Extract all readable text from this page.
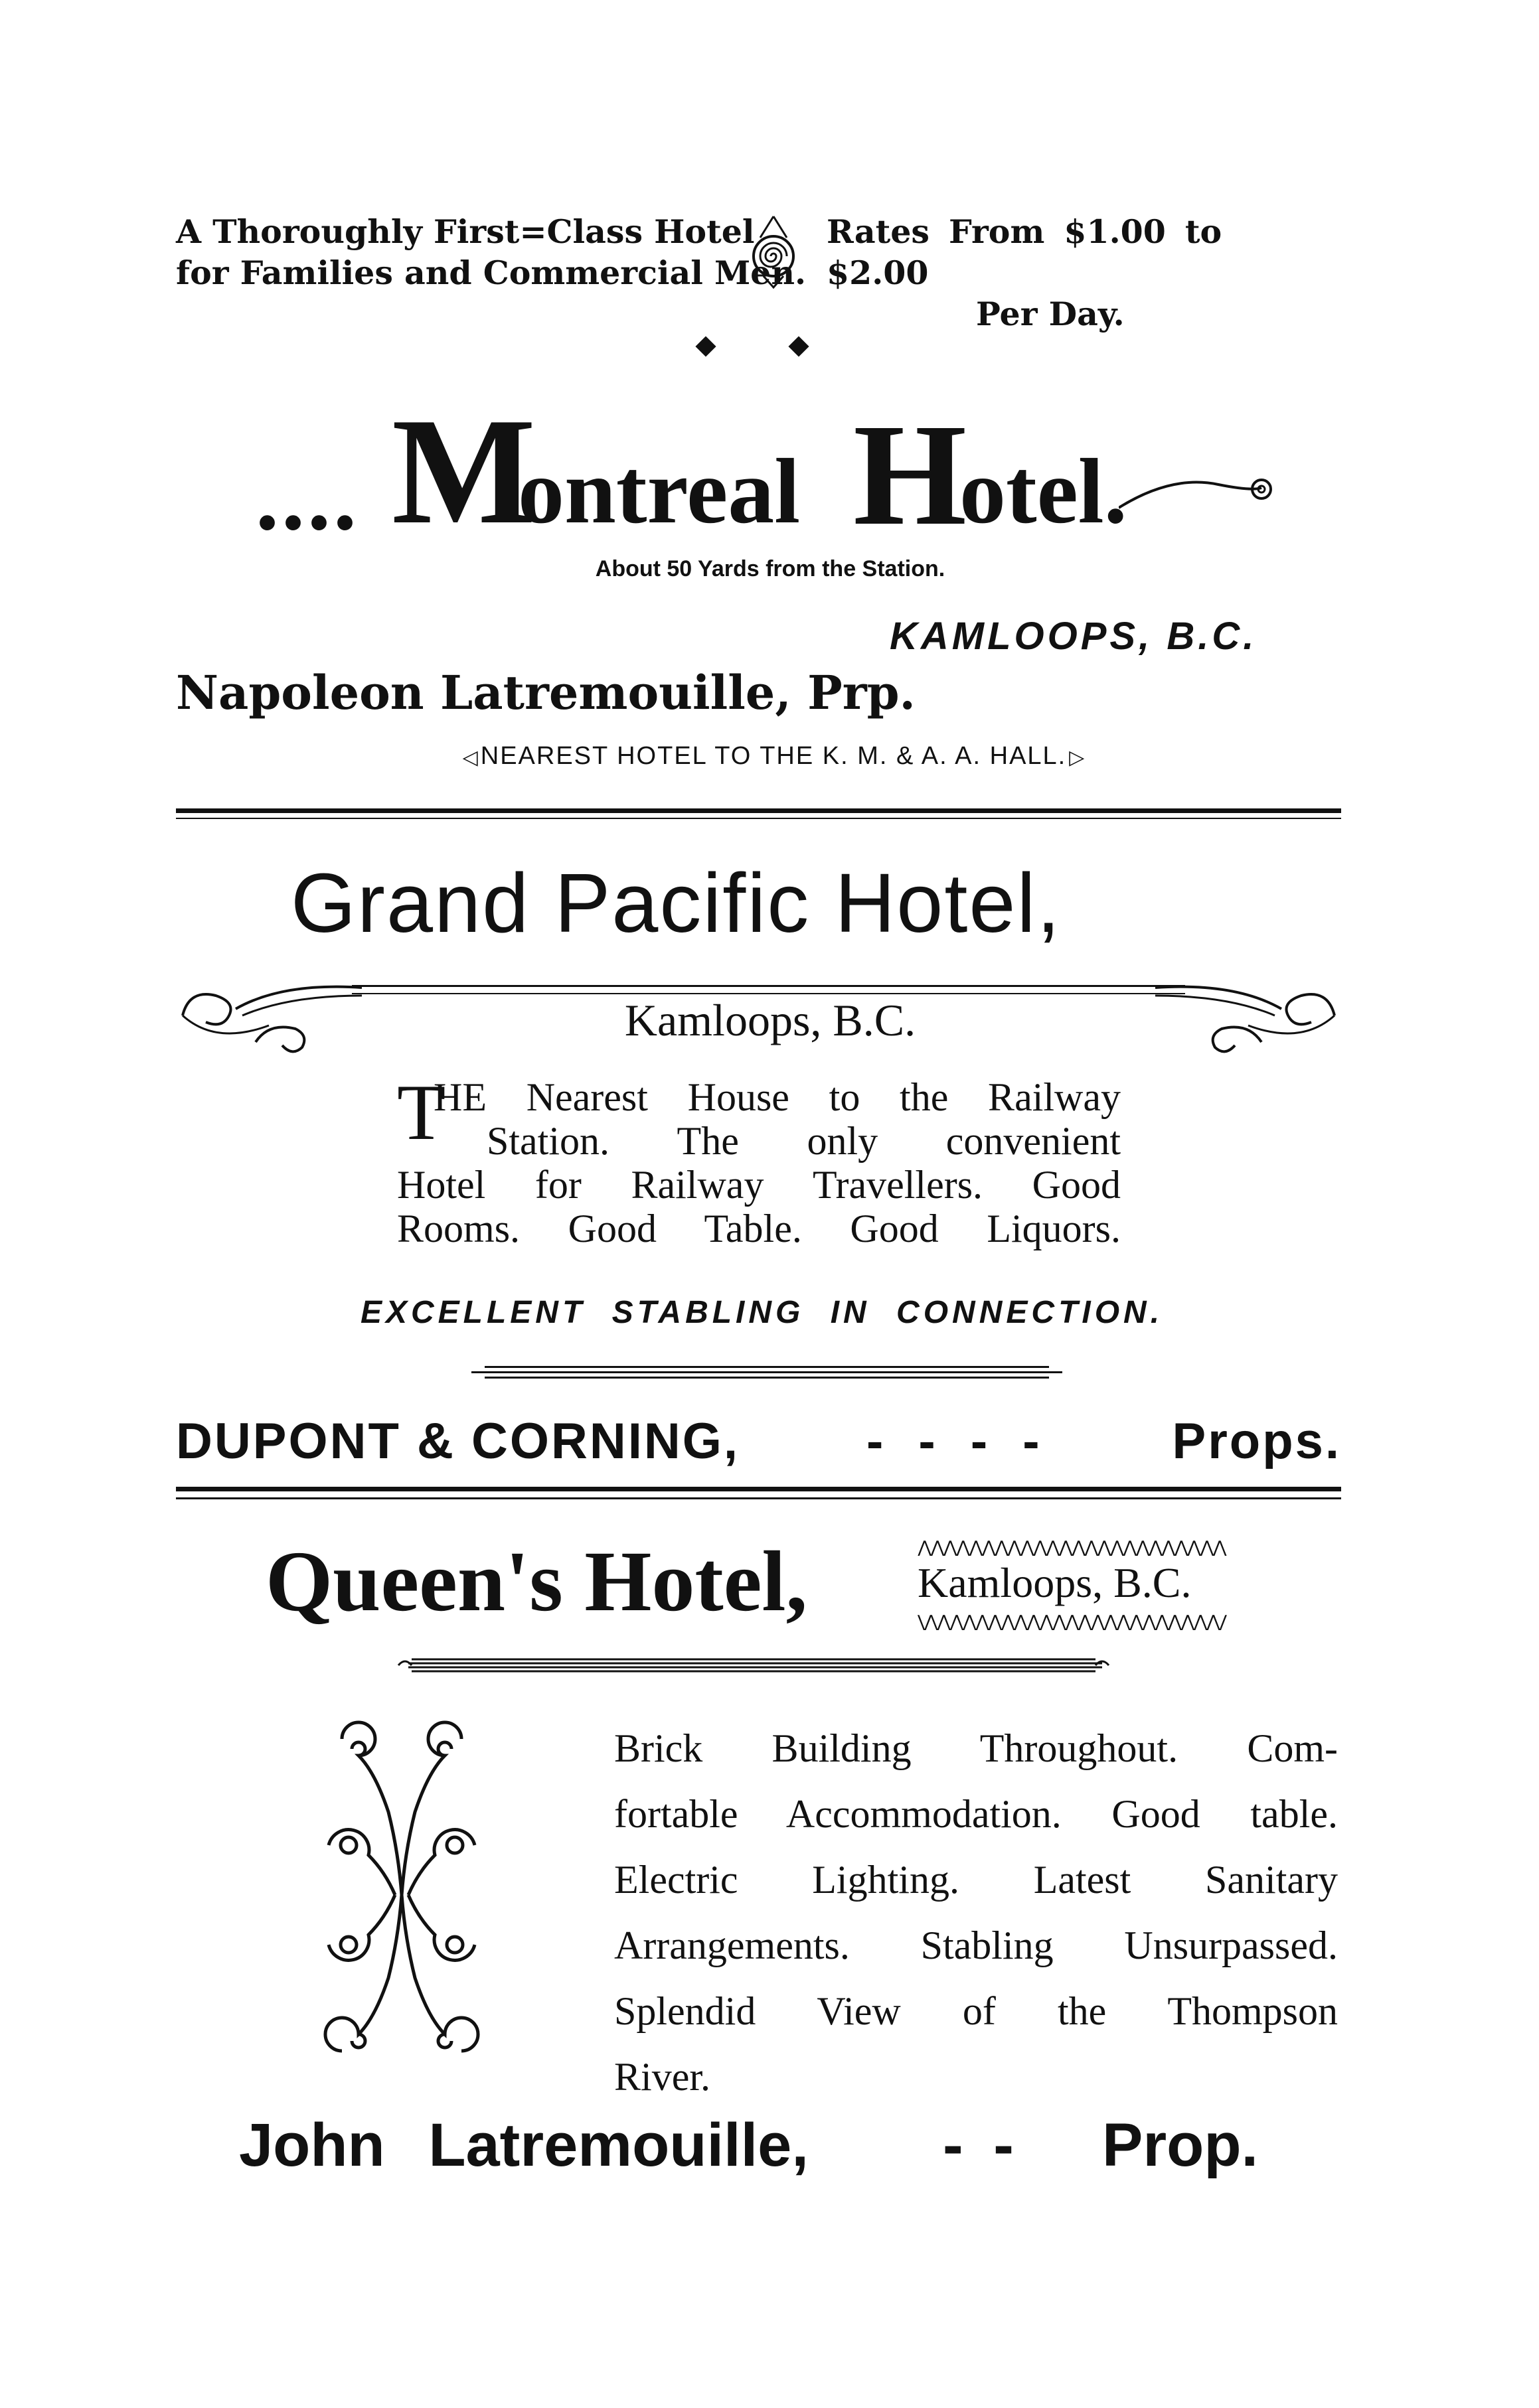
A Thoroughly First=Class Hotel
for Families and Commercial Men.
Rates From $1.00 to $2.00
Per Day.
.... M
ontreal H
otel.
About 50 Yards from the Station.
KAMLOOPS, B.C.
Napoleon Latremouille, Prp.
◁ NEAREST HOTEL TO THE K. M. & A. A. HALL. ▷
Grand Pacific Hotel,
Kamloops, B.C.
T
HE Nearest House to the Railway
Station. The only convenient
Hotel for Railway Travellers. Good
Rooms. Good Table. Good Liquors.
EXCELLENT STABLING IN CONNECTION.
DUPONT & CORNING,	- - - -	Props.
Queen's Hotel,	⋀⋀⋀⋀⋀⋀⋀⋀⋀⋀⋀⋀⋀⋀⋀⋀⋀⋀⋀⋀⋀⋀⋀⋀
Kamloops, B.C.
⋁⋁⋁⋁⋁⋁⋁⋁⋁⋁⋁⋁⋁⋁⋁⋁⋁⋁⋁⋁⋁⋁⋁⋁
Brick Building Throughout. Com-
fortable Accommodation. Good table.
Electric Lighting. Latest Sanitary
Arrangements. Stabling Unsurpassed.
Splendid View of the Thompson
River.
John Latremouille, - - Prop.
